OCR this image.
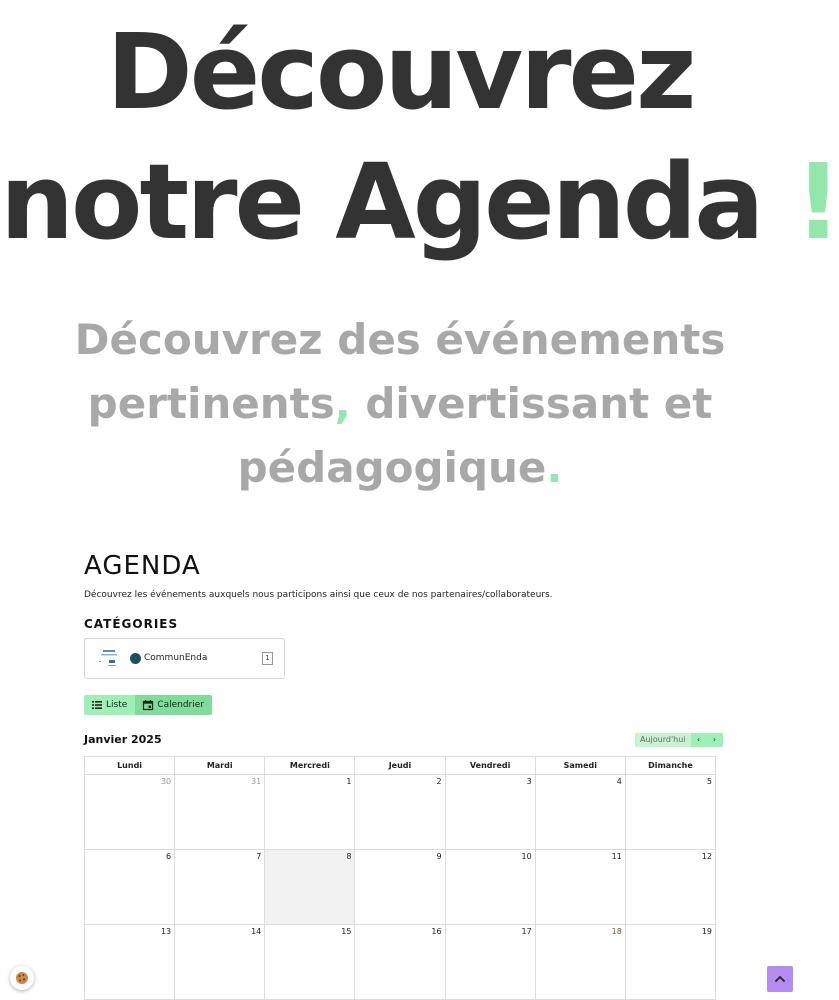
Découvrez
notre Agenda !

Découvrez des événements pertinents, divertissant et pédagogique.

AGENDA

Découvrez les événements auxquels nous participons ainsi que ceux de nos partenaires/collaborateurs.

CATÉGORIES
CommunEnda	1
Liste	Calendrier
Janvier 2025	Aujourd'hui	‹	›
Lundi	Mardi	Mercredi	Jeudi	Vendredi	Samedi	Dimanche

30	31	1	2	3	4	5

6	7	8	9	10	11	12

13	14	15	16	17	18	19
